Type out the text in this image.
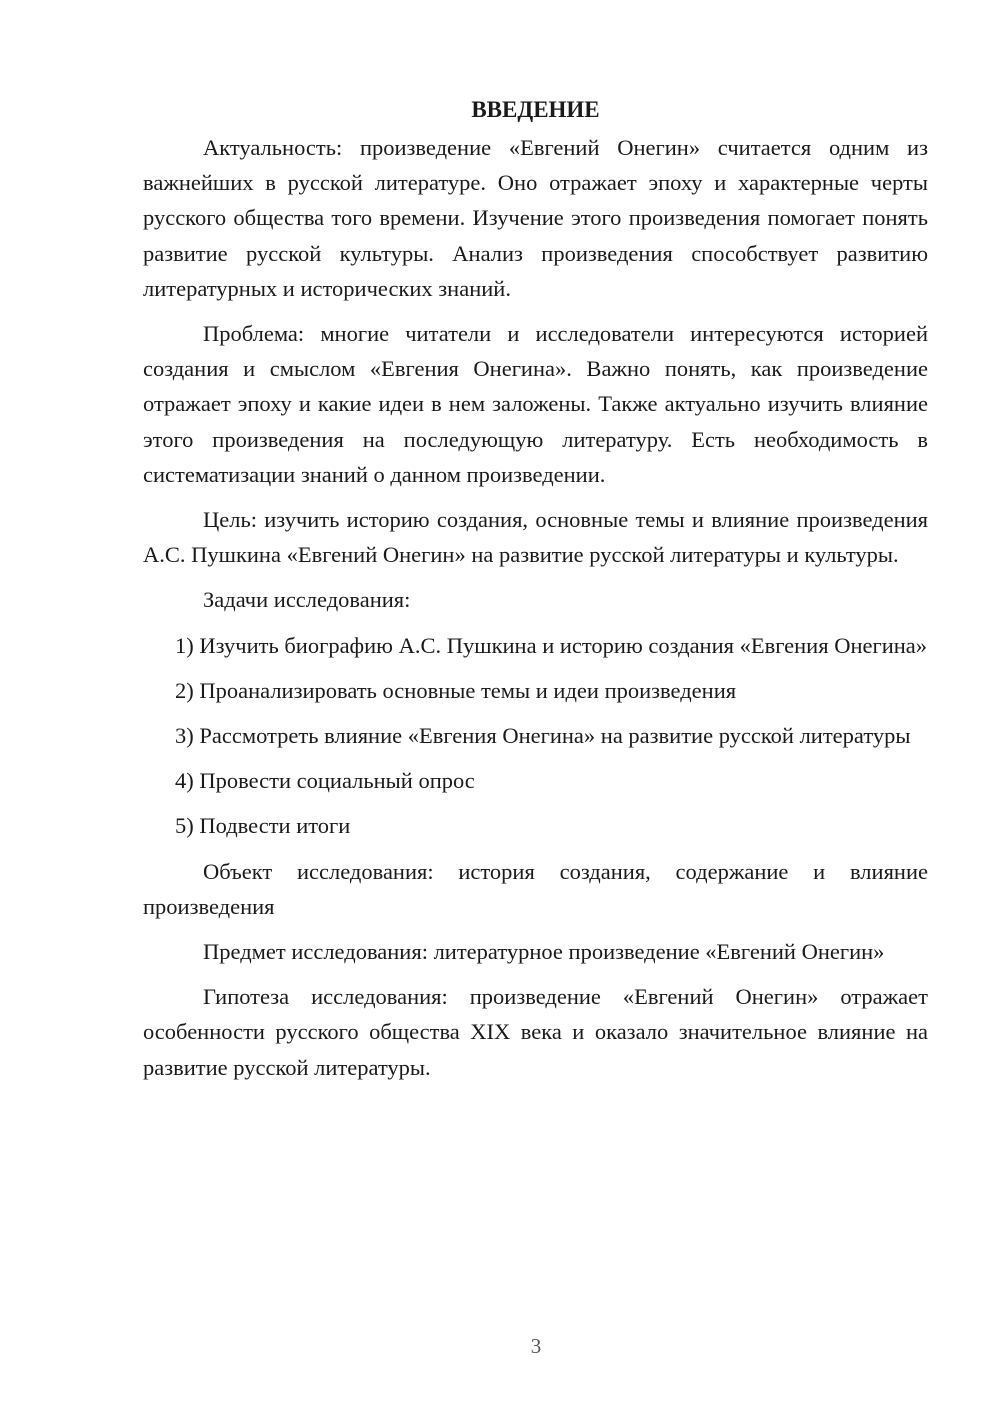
ВВЕДЕНИЕ

Актуальность: произведение «Евгений Онегин» считается одним из важнейших в русской литературе. Оно отражает эпоху и характерные черты русского общества того времени. Изучение этого произведения помогает понять развитие русской культуры. Анализ произведения способствует развитию литературных и исторических знаний.

Проблема: многие читатели и исследователи интересуются историей создания и смыслом «Евгения Онегина». Важно понять, как произведение отражает эпоху и какие идеи в нем заложены. Также актуально изучить влияние этого произведения на последующую литературу. Есть необходимость в систематизации знаний о данном произведении.

Цель: изучить историю создания, основные темы и влияние произведения А.С. Пушкина «Евгений Онегин» на развитие русской литературы и культуры.

Задачи исследования:

1) Изучить биографию А.С. Пушкина и историю создания «Евгения Онегина»

2) Проанализировать основные темы и идеи произведения

3) Рассмотреть влияние «Евгения Онегина» на развитие русской литературы

4) Провести социальный опрос

5) Подвести итоги

Объект исследования: история создания, содержание и влияние произведения

Предмет исследования: литературное произведение «Евгений Онегин»

Гипотеза исследования: произведение «Евгений Онегин» отражает особенности русского общества XIX века и оказало значительное влияние на развитие русской литературы.

3
